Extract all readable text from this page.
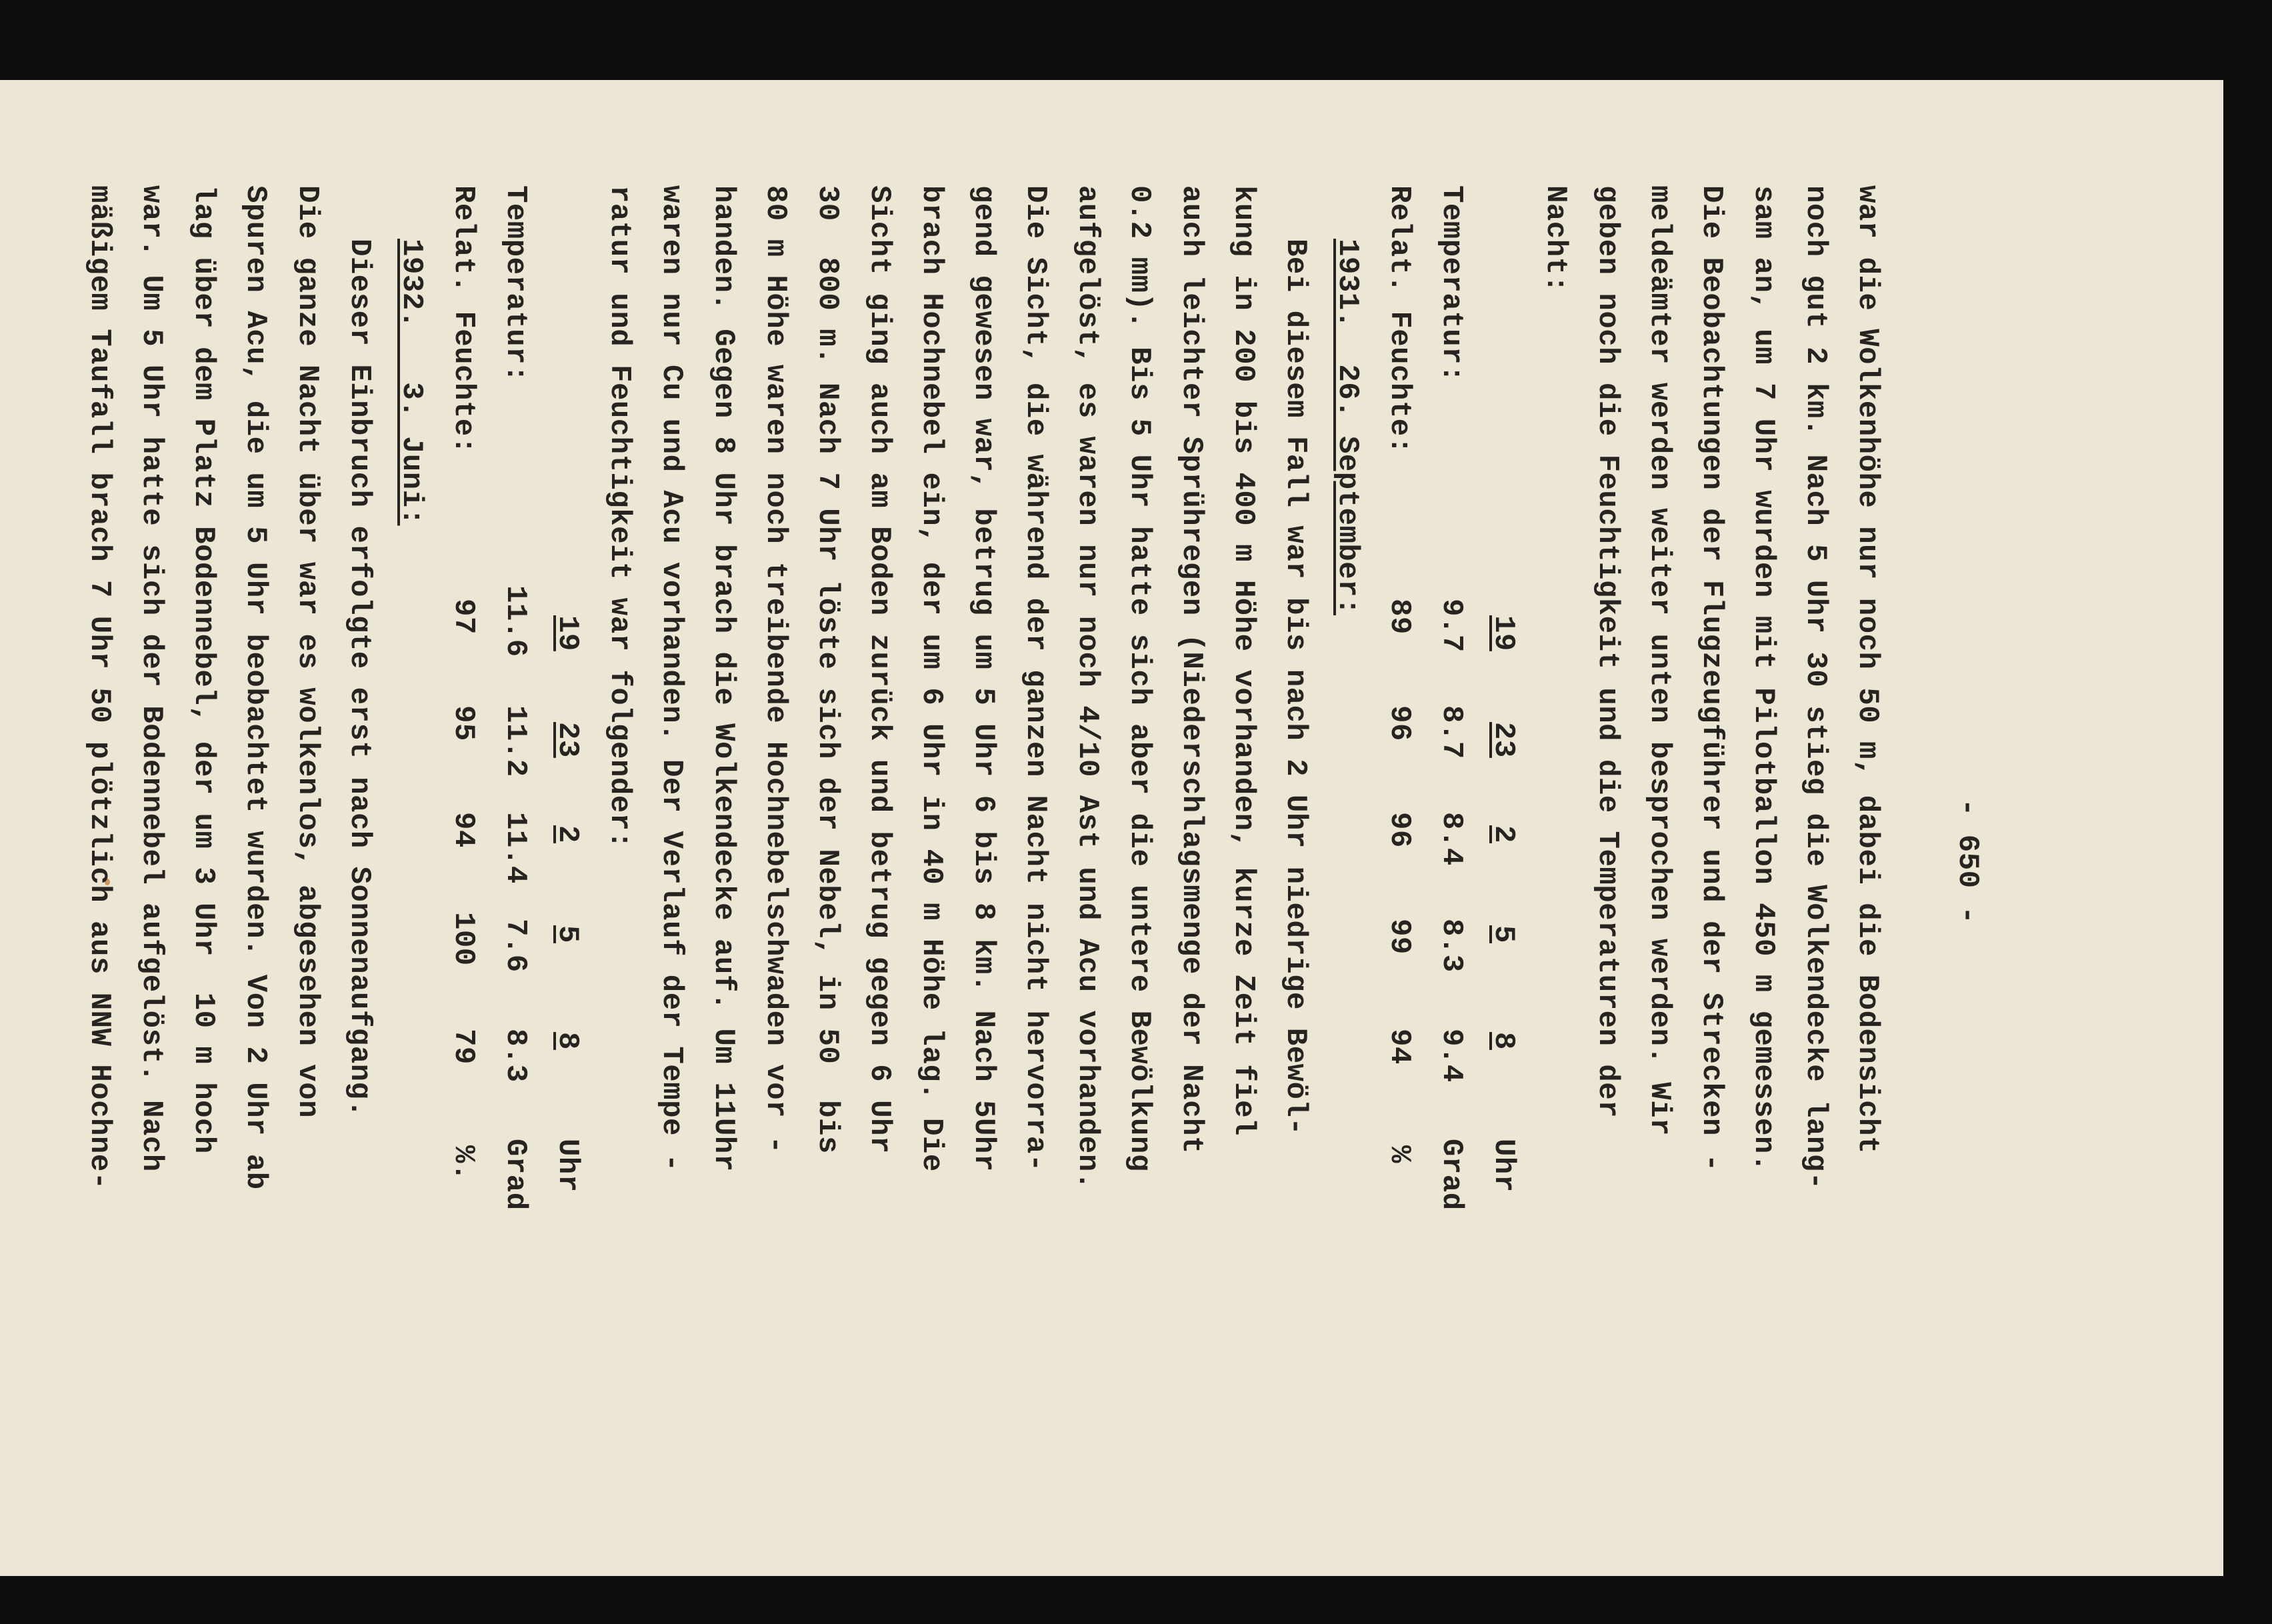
- 650 -
war die Wolkenhöhe nur noch 50 m, dabei die Bodensicht
noch gut 2 km. Nach 5 Uhr 30 stieg die Wolkendecke lang-
sam an, um 7 Uhr wurden mit Pilotballon 450 m gemessen.
Die Beobachtungen der Flugzeugführer und der Strecken -
meldeämter werden weiter unten besprochen werden. Wir
geben noch die Feuchtigkeit und die Temperaturen der
Nacht:
19
23
2
5
8
Uhr
Temperatur:
9.7
8.7
8.4
8.3
9.4
Grad
Relat. Feuchte:
89
96
96
99
94
%
1931.  26. September:
Bei diesem Fall war bis nach 2 Uhr niedrige Bewöl-
kung in 200 bis 400 m Höhe vorhanden, kurze Zeit fiel
auch leichter Sprühregen (Niederschlagsmenge der Nacht
0.2 mm). Bis 5 Uhr hatte sich aber die untere Bewölkung
aufgelöst, es waren nur noch 4/10 Ast und Acu vorhanden.
Die Sicht, die während der ganzen Nacht nicht hervorra-
gend gewesen war, betrug um 5 Uhr 6 bis 8 km. Nach 5Uhr
brach Hochnebel ein, der um 6 Uhr in 40 m Höhe lag. Die
Sicht ging auch am Boden zurück und betrug gegen 6 Uhr
30  800 m. Nach 7 Uhr löste sich der Nebel, in 50  bis
80 m Höhe waren noch treibende Hochnebelschwaden vor -
handen. Gegen 8 Uhr brach die Wolkendecke auf. Um 11Uhr
waren nur Cu und Acu vorhanden. Der Verlauf der Tempe -
ratur und Feuchtigkeit war folgender:
19
23
2
5
8
Uhr
Temperatur:
11.6
11.2
11.4
7.6
8.3
Grad
Relat. Feuchte:
97
95
94
100
79
%.
1932.   3. Juni:
Dieser Einbruch erfolgte erst nach Sonnenaufgang.
Die ganze Nacht über war es wolkenlos, abgesehen von
Spuren Acu, die um 5 Uhr beobachtet wurden. Von 2 Uhr ab
lag über dem Platz Bodennebel, der um 3 Uhr  10 m hoch
war. Um 5 Uhr hatte sich der Bodennebel aufgelöst. Nach
mäßigem Taufall brach 7 Uhr 50 plötzlich aus NNW Hochne-
